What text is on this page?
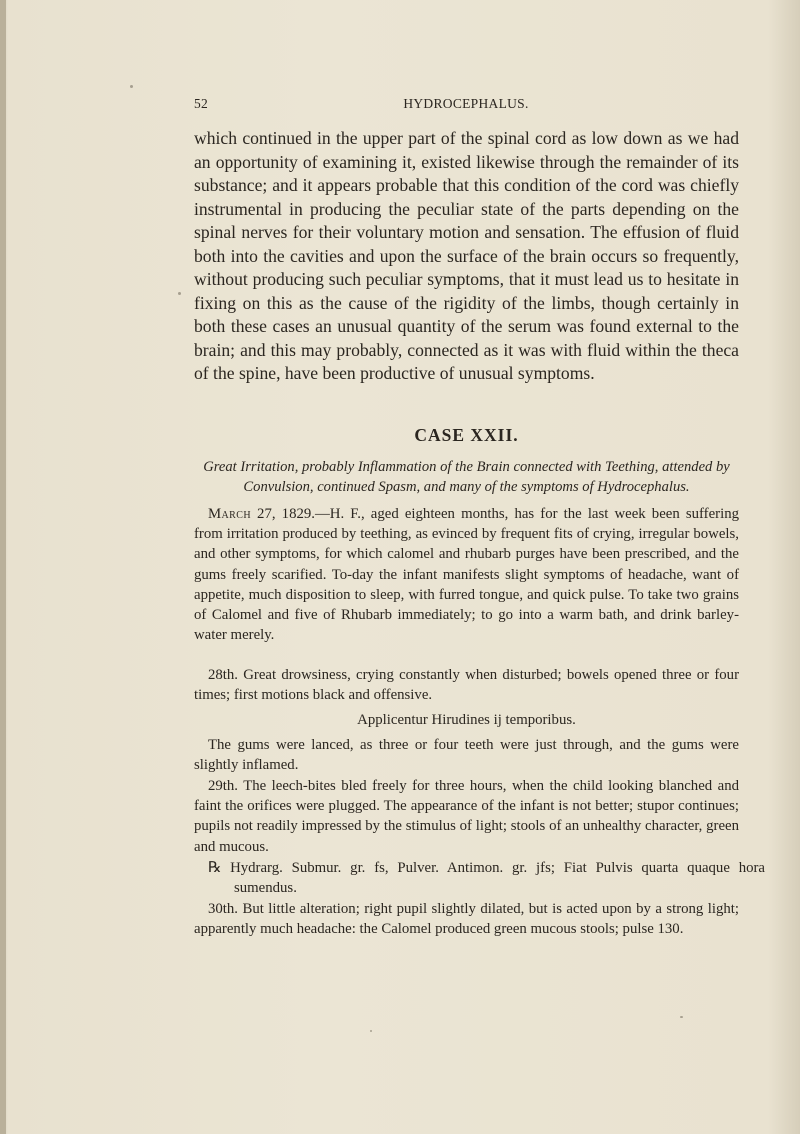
52	HYDROCEPHALUS.

which continued in the upper part of the spinal cord as low down as we had an opportunity of examining it, existed likewise through the remainder of its substance; and it appears probable that this condition of the cord was chiefly instrumental in producing the peculiar state of the parts depending on the spinal nerves for their voluntary motion and sensation. The effusion of fluid both into the cavities and upon the surface of the brain occurs so frequently, without producing such peculiar symptoms, that it must lead us to hesitate in fixing on this as the cause of the rigidity of the limbs, though certainly in both these cases an unusual quantity of the serum was found external to the brain; and this may probably, connected as it was with fluid within the theca of the spine, have been productive of unusual symptoms.

CASE XXII.

Great Irritation, probably Inflammation of the Brain connected with Teething, attended by Convulsion, continued Spasm, and many of the symptoms of Hydrocephalus.

March 27, 1829.—H. F., aged eighteen months, has for the last week been suffering from irritation produced by teething, as evinced by frequent fits of crying, irregular bowels, and other symptoms, for which calomel and rhubarb purges have been prescribed, and the gums freely scarified. To-day the infant manifests slight symptoms of headache, want of appetite, much disposition to sleep, with furred tongue, and quick pulse. To take two grains of Calomel and five of Rhubarb immediately; to go into a warm bath, and drink barley-water merely.

28th. Great drowsiness, crying constantly when disturbed; bowels opened three or four times; first motions black and offensive.

Applicentur Hirudines ij temporibus.

The gums were lanced, as three or four teeth were just through, and the gums were slightly inflamed.

29th. The leech-bites bled freely for three hours, when the child looking blanched and faint the orifices were plugged. The appearance of the infant is not better; stupor continues; pupils not readily impressed by the stimulus of light; stools of an unhealthy character, green and mucous.

℞ Hydrarg. Submur. gr. fs, Pulver. Antimon. gr. jfs; Fiat Pulvis quarta quaque hora sumendus.

30th. But little alteration; right pupil slightly dilated, but is acted upon by a strong light; apparently much headache: the Calomel produced green mucous stools; pulse 130.
